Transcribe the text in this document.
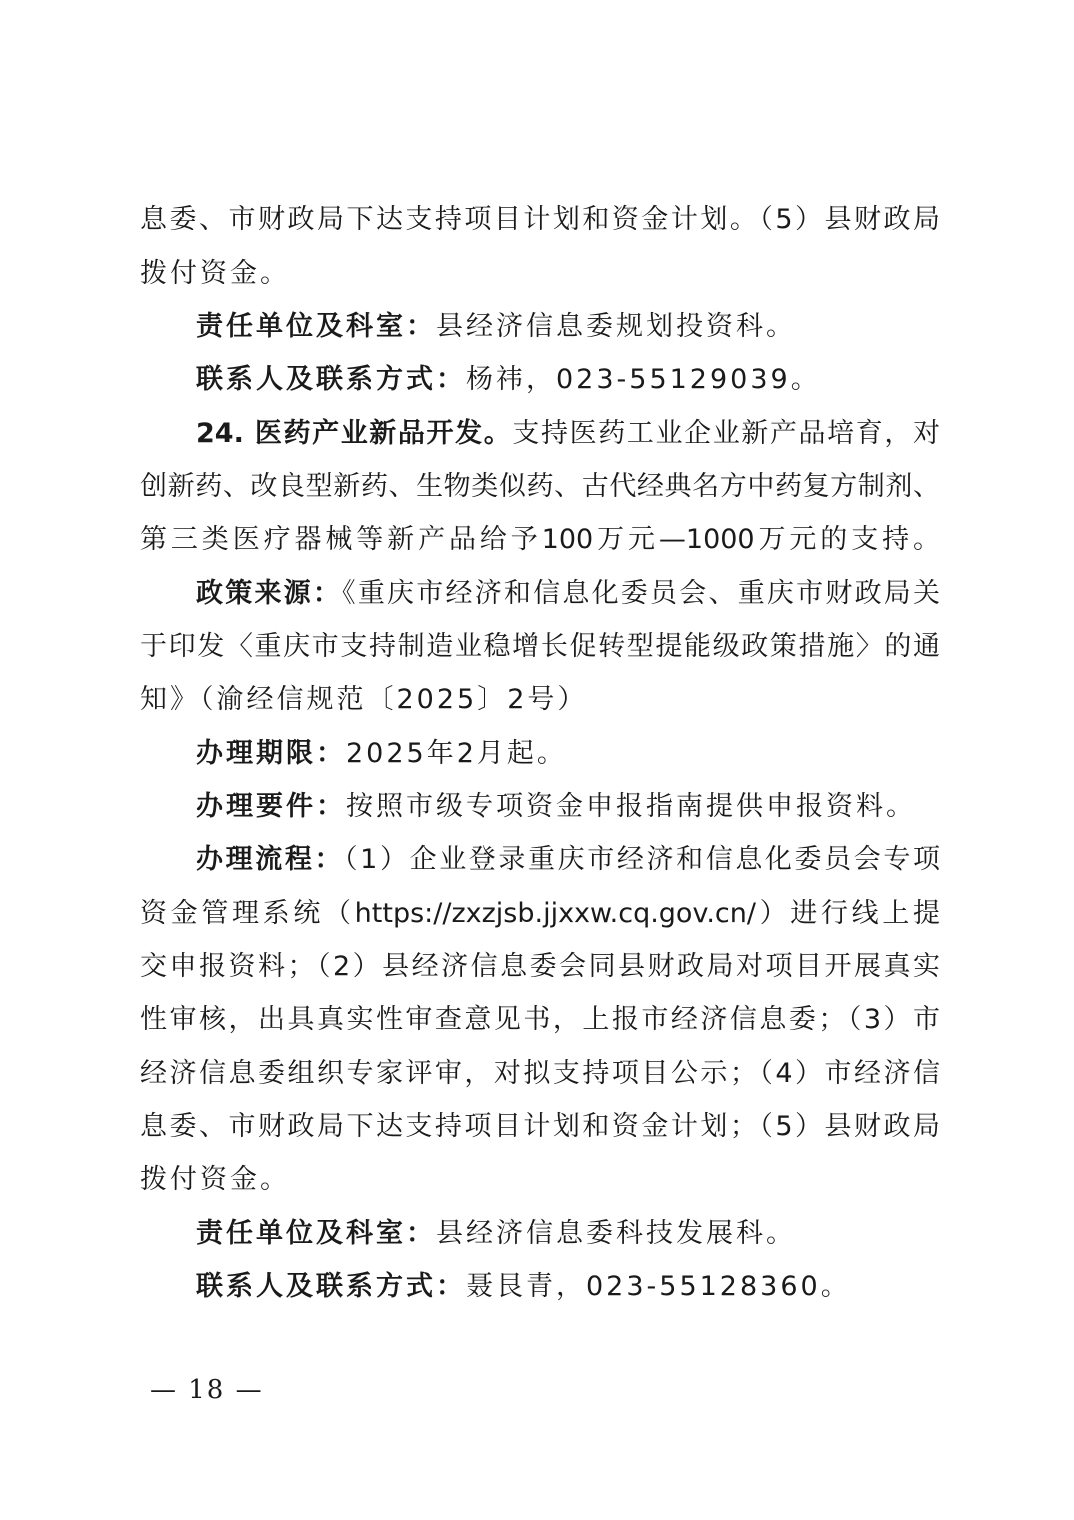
息委、市财政局下达支持项目计划和资金计划。（5）县财政局
拨付资金。
责任单位及科室：县经济信息委规划投资科。
联系人及联系方式：杨祎，023-55129039。
24. 医药产业新品开发。支持医药工业企业新产品培育，对
创新药、改良型新药、生物类似药、古代经典名方中药复方制剂、
第三类医疗器械等新产品给予100万元—1000万元的支持。
政策来源：《重庆市经济和信息化委员会、重庆市财政局关
于印发〈重庆市支持制造业稳增长促转型提能级政策措施〉的通
知》（渝经信规范〔2025〕2号）
办理期限：2025年2月起。
办理要件：按照市级专项资金申报指南提供申报资料。
办理流程：（1）企业登录重庆市经济和信息化委员会专项
资金管理系统（https://zxzjsb.jjxxw.cq.gov.cn/）进行线上提
交申报资料；（2）县经济信息委会同县财政局对项目开展真实
性审核，出具真实性审查意见书，上报市经济信息委；（3）市
经济信息委组织专家评审，对拟支持项目公示；（4）市经济信
息委、市财政局下达支持项目计划和资金计划；（5）县财政局
拨付资金。
责任单位及科室：县经济信息委科技发展科。
联系人及联系方式：聂艮青，023-55128360。
— 18 —
